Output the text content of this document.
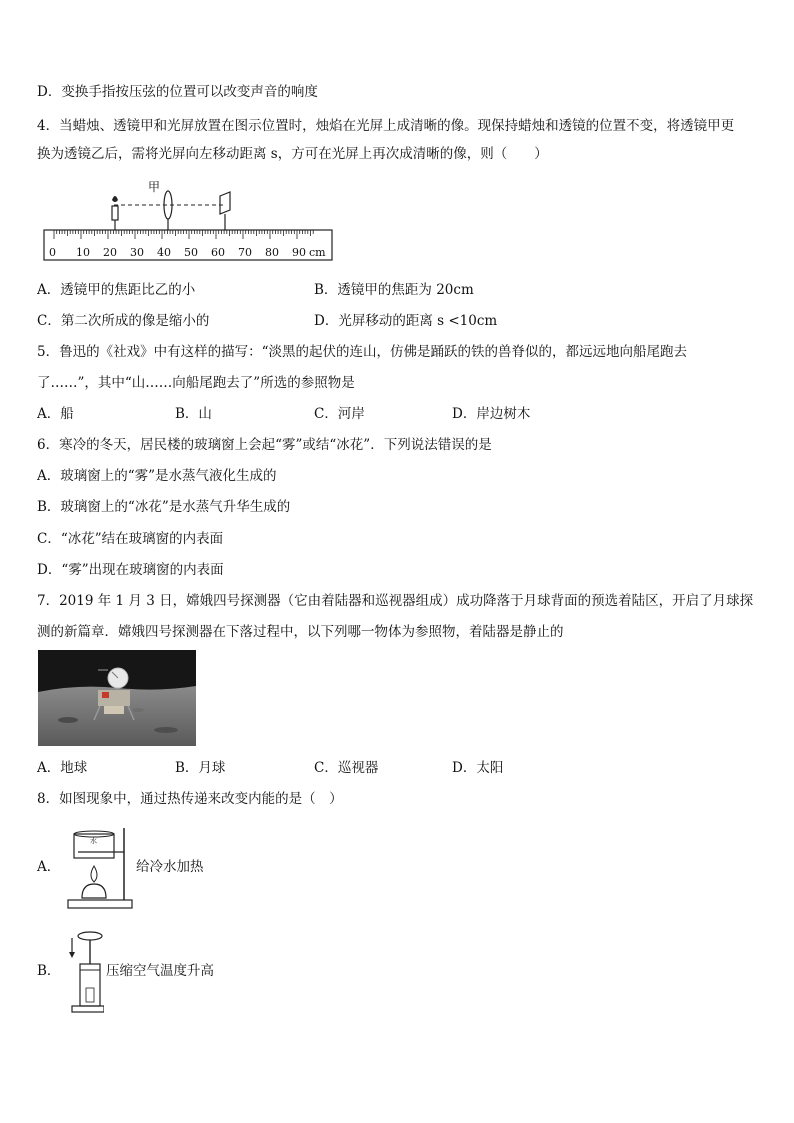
D．变换手指按压弦的位置可以改变声音的响度
4．当蜡烛、透镜甲和光屏放置在图示位置时，烛焰在光屏上成清晰的像。现保持蜡烛和透镜的位置不变，将透镜甲更
换为透镜乙后，需将光屏向左移动距离 s，方可在光屏上再次成清晰的像，则（　　）
甲
0 10 20 30 40 50 60 70 80 90 cm
A．透镜甲的焦距比乙的小	B．透镜甲的焦距为 20cm
C．第二次所成的像是缩小的	D．光屏移动的距离 s <10cm
5．鲁迅的《社戏》中有这样的描写：“淡黑的起伏的连山，仿佛是踊跃的铁的兽脊似的，都远远地向船尾跑去
了……”，其中“山……向船尾跑去了”所选的参照物是
A．船	B．山	C．河岸	D．岸边树木
6．寒冷的冬天，居民楼的玻璃窗上会起“雾”或结“冰花”．下列说法错误的是
A．玻璃窗上的“雾”是水蒸气液化生成的
B．玻璃窗上的“冰花”是水蒸气升华生成的
C．“冰花”结在玻璃窗的内表面
D．“雾”出现在玻璃窗的内表面
7．2019 年 1 月 3 日，嫦娥四号探测器（它由着陆器和巡视器组成）成功降落于月球背面的预选着陆区，开启了月球探
测的新篇章．嫦娥四号探测器在下落过程中，以下列哪一物体为参照物，着陆器是静止的
A．地球	B．月球	C．巡视器	D．太阳
8．如图现象中，通过热传递来改变内能的是（　）
A．
水
给冷水加热
B．	压缩空气温度升高
